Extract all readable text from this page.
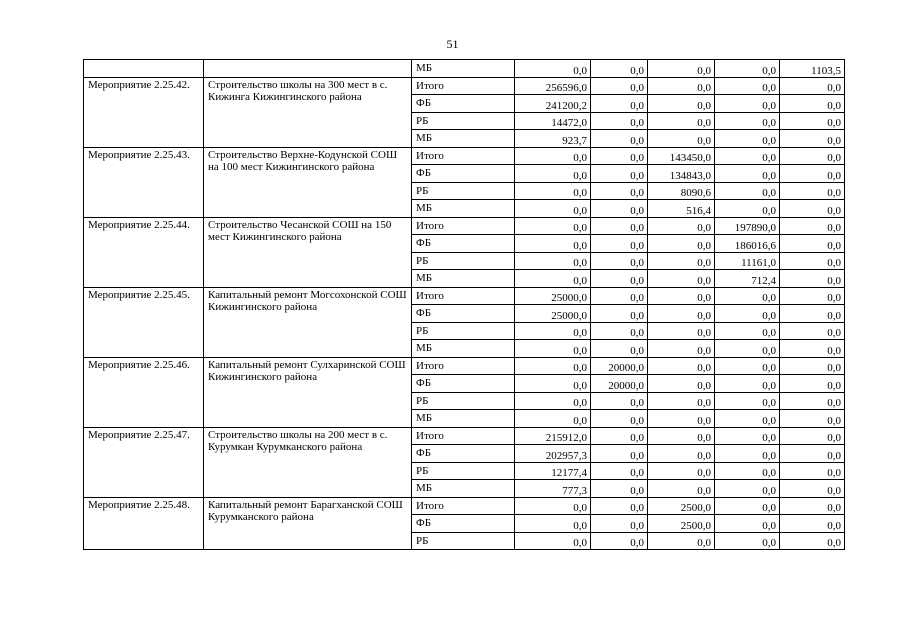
51
		МБ	0,0	0,0	0,0	0,0	1103,5
Мероприятие 2.25.42.	Строительство школы на 300 мест в с. Кижинга Кижингинского района	Итого	256596,0	0,0	0,0	0,0	0,0
		ФБ	241200,2	0,0	0,0	0,0	0,0
		РБ	14472,0	0,0	0,0	0,0	0,0
		МБ	923,7	0,0	0,0	0,0	0,0
Мероприятие 2.25.43.	Строительство Верхне-Кодунской СОШ на 100 мест Кижингинского района	Итого	0,0	0,0	143450,0	0,0	0,0
		ФБ	0,0	0,0	134843,0	0,0	0,0
		РБ	0,0	0,0	8090,6	0,0	0,0
		МБ	0,0	0,0	516,4	0,0	0,0
Мероприятие 2.25.44.	Строительство Чесанской СОШ на 150 мест Кижингинского района	Итого	0,0	0,0	0,0	197890,0	0,0
		ФБ	0,0	0,0	0,0	186016,6	0,0
		РБ	0,0	0,0	0,0	11161,0	0,0
		МБ	0,0	0,0	0,0	712,4	0,0
Мероприятие 2.25.45.	Капитальный ремонт Могсохонской СОШ Кижингинского района	Итого	25000,0	0,0	0,0	0,0	0,0
		ФБ	25000,0	0,0	0,0	0,0	0,0
		РБ	0,0	0,0	0,0	0,0	0,0
		МБ	0,0	0,0	0,0	0,0	0,0
Мероприятие 2.25.46.	Капитальный ремонт Сулхаринской СОШ Кижингинского района	Итого	0,0	20000,0	0,0	0,0	0,0
		ФБ	0,0	20000,0	0,0	0,0	0,0
		РБ	0,0	0,0	0,0	0,0	0,0
		МБ	0,0	0,0	0,0	0,0	0,0
Мероприятие 2.25.47.	Строительство школы на 200 мест в с. Курумкан Курумканского района	Итого	215912,0	0,0	0,0	0,0	0,0
		ФБ	202957,3	0,0	0,0	0,0	0,0
		РБ	12177,4	0,0	0,0	0,0	0,0
		МБ	777,3	0,0	0,0	0,0	0,0
Мероприятие 2.25.48.	Капитальный ремонт Барагханской СОШ Курумканского района	Итого	0,0	0,0	2500,0	0,0	0,0
		ФБ	0,0	0,0	2500,0	0,0	0,0
		РБ	0,0	0,0	0,0	0,0	0,0
